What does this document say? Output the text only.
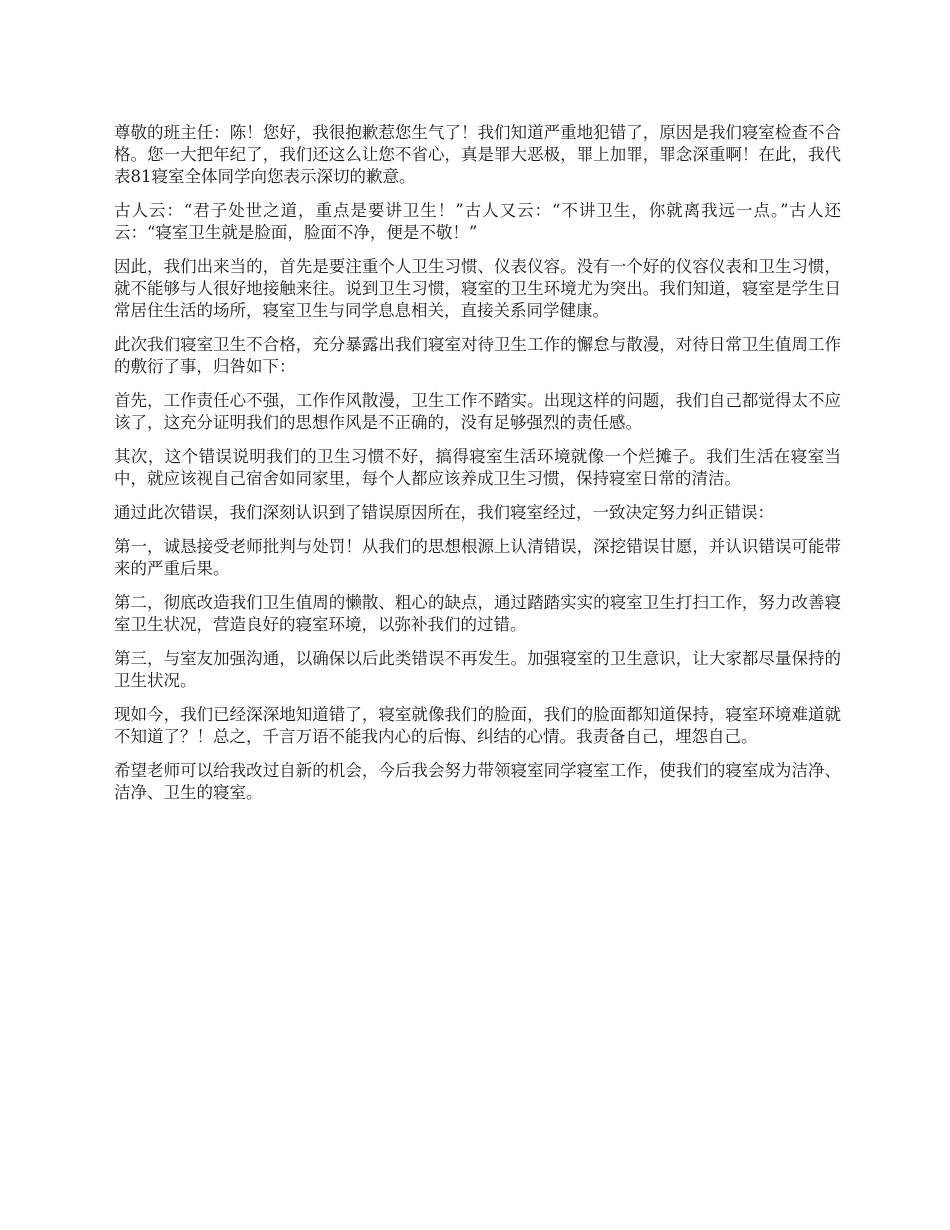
尊敬的班主任：陈！您好，我很抱歉惹您生气了！我们知道严重地犯错了，原因是我们寝室检查不合格。您一大把年纪了，我们还这么让您不省心，真是罪大恶极，罪上加罪，罪念深重啊！在此，我代表81寝室全体同学向您表示深切的歉意。

古人云：“君子处世之道，重点是要讲卫生！”古人又云：“不讲卫生，你就离我远一点。”古人还云：“寝室卫生就是脸面，脸面不净，便是不敬！”

因此，我们出来当的，首先是要注重个人卫生习惯、仪表仪容。没有一个好的仪容仪表和卫生习惯，就不能够与人很好地接触来往。说到卫生习惯，寝室的卫生环境尤为突出。我们知道，寝室是学生日常居住生活的场所，寝室卫生与同学息息相关，直接关系同学健康。

此次我们寝室卫生不合格，充分暴露出我们寝室对待卫生工作的懈怠与散漫，对待日常卫生值周工作的敷衍了事，归咎如下：

首先，工作责任心不强，工作作风散漫，卫生工作不踏实。出现这样的问题，我们自己都觉得太不应该了，这充分证明我们的思想作风是不正确的，没有足够强烈的责任感。

其次，这个错误说明我们的卫生习惯不好，搞得寝室生活环境就像一个烂摊子。我们生活在寝室当中，就应该视自己宿舍如同家里，每个人都应该养成卫生习惯，保持寝室日常的清洁。

通过此次错误，我们深刻认识到了错误原因所在，我们寝室经过，一致决定努力纠正错误：

第一，诚恳接受老师批判与处罚！从我们的思想根源上认清错误，深挖错误甘愿，并认识错误可能带来的严重后果。

第二，彻底改造我们卫生值周的懒散、粗心的缺点，通过踏踏实实的寝室卫生打扫工作，努力改善寝室卫生状况，营造良好的寝室环境，以弥补我们的过错。

第三，与室友加强沟通，以确保以后此类错误不再发生。加强寝室的卫生意识，让大家都尽量保持的卫生状况。

现如今，我们已经深深地知道错了，寝室就像我们的脸面，我们的脸面都知道保持，寝室环境难道就不知道了？！总之，千言万语不能我内心的后悔、纠结的心情。我责备自己，埋怨自己。

希望老师可以给我改过自新的机会，今后我会努力带领寝室同学寝室工作，使我们的寝室成为洁净、洁净、卫生的寝室。
